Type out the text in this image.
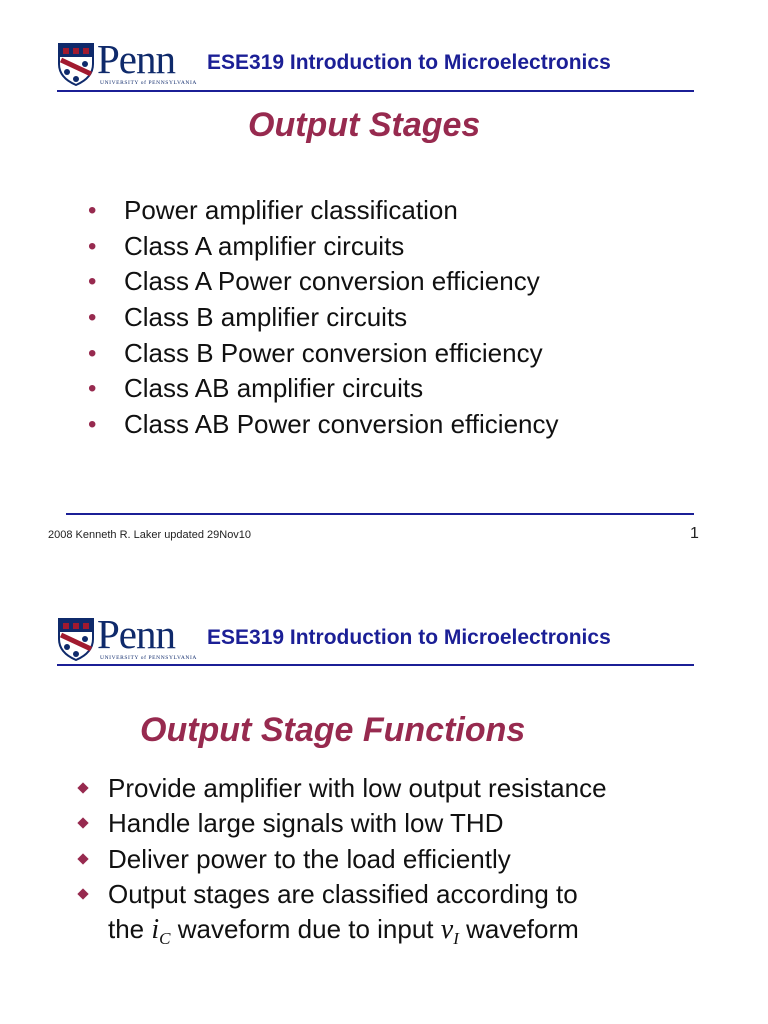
Penn
UNIVERSITY of PENNSYLVANIA
ESE319 Introduction to Microelectronics
Output Stages
• Power amplifier classification
• Class A amplifier circuits
• Class A Power conversion efficiency
• Class B amplifier circuits
• Class B Power conversion efficiency
• Class AB amplifier circuits
• Class AB Power conversion efficiency
2008 Kenneth R. Laker updated 29Nov10	1
Penn
UNIVERSITY of PENNSYLVANIA
ESE319 Introduction to Microelectronics
Output Stage Functions
Provide amplifier with low output resistance
Handle large signals with low THD
Deliver power to the load efficiently
Output stages are classified according to
the $i_C$ waveform due to input $v_I$ waveform
